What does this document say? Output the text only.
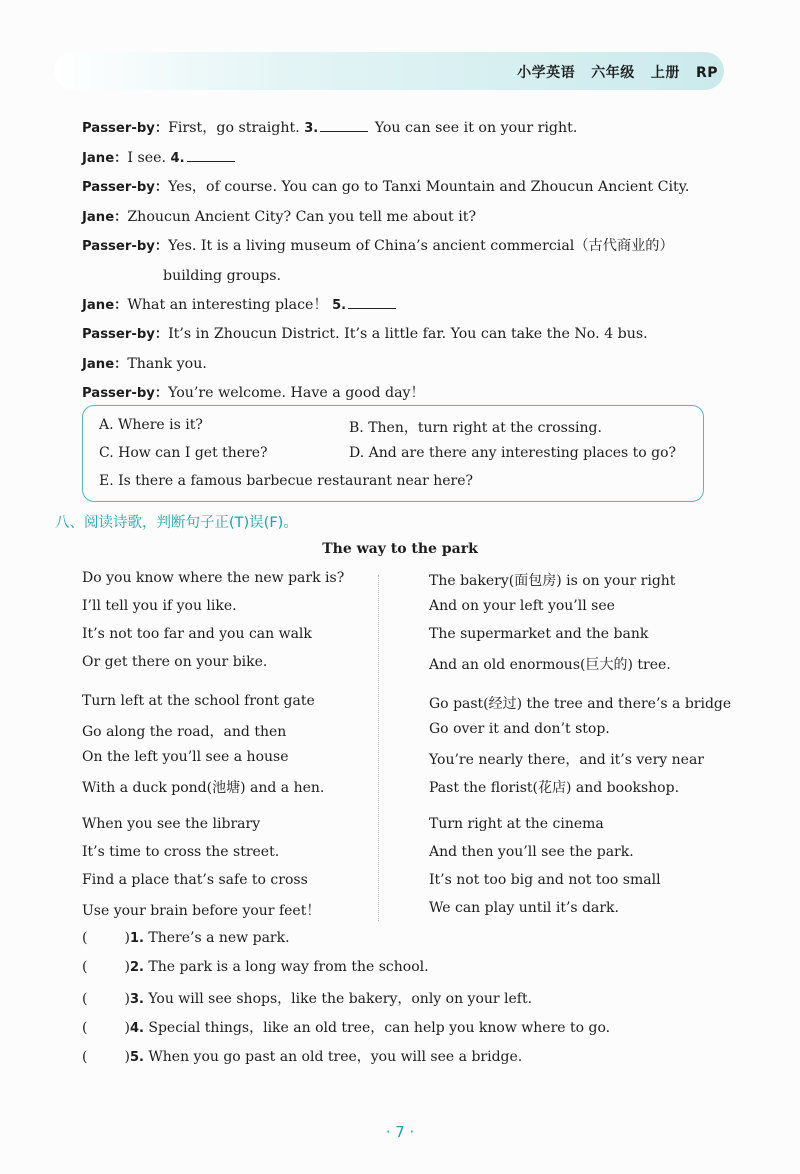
小学英语 六年级 上册 RP
Passer-by：First，go straight. 3.	You can see it on your right.
Jane：I see. 4.
Passer-by：Yes，of course. You can go to Tanxi Mountain and Zhoucun Ancient City.
Jane：Zhoucun Ancient City? Can you tell me about it?
Passer-by：Yes. It is a living museum of China’s ancient commercial（古代商业的）
building groups.
Jane：What an interesting place！ 5.
Passer-by：It’s in Zhoucun District. It’s a little far. You can take the No. 4 bus.
Jane：Thank you.
Passer-by：You’re welcome. Have a good day！
A. Where is it?	B. Then，turn right at the crossing.
C. How can I get there?	D. And are there any interesting places to go?
E. Is there a famous barbecue restaurant near here?
八、阅读诗歌，判断句子正(T)误(F)。
The way to the park
Do you know where the new park is?
I’ll tell you if you like.
It’s not too far and you can walk
Or get there on your bike.
Turn left at the school front gate
Go along the road，and then
On the left you’ll see a house
With a duck pond(池塘) and a hen.
When you see the library
It’s time to cross the street.
Find a place that’s safe to cross
Use your brain before your feet！
The bakery(面包房) is on your right
And on your left you’ll see
The supermarket and the bank
And an old enormous(巨大的) tree.
Go past(经过) the tree and there’s a bridge
Go over it and don’t stop.
You’re nearly there，and it’s very near
Past the florist(花店) and bookshop.
Turn right at the cinema
And then you’ll see the park.
It’s not too big and not too small
We can play until it’s dark.
(	)1. There’s a new park.
(	)2. The park is a long way from the school.
(	)3. You will see shops，like the bakery，only on your left.
(	)4. Special things，like an old tree，can help you know where to go.
(	)5. When you go past an old tree，you will see a bridge.
· 7 ·
